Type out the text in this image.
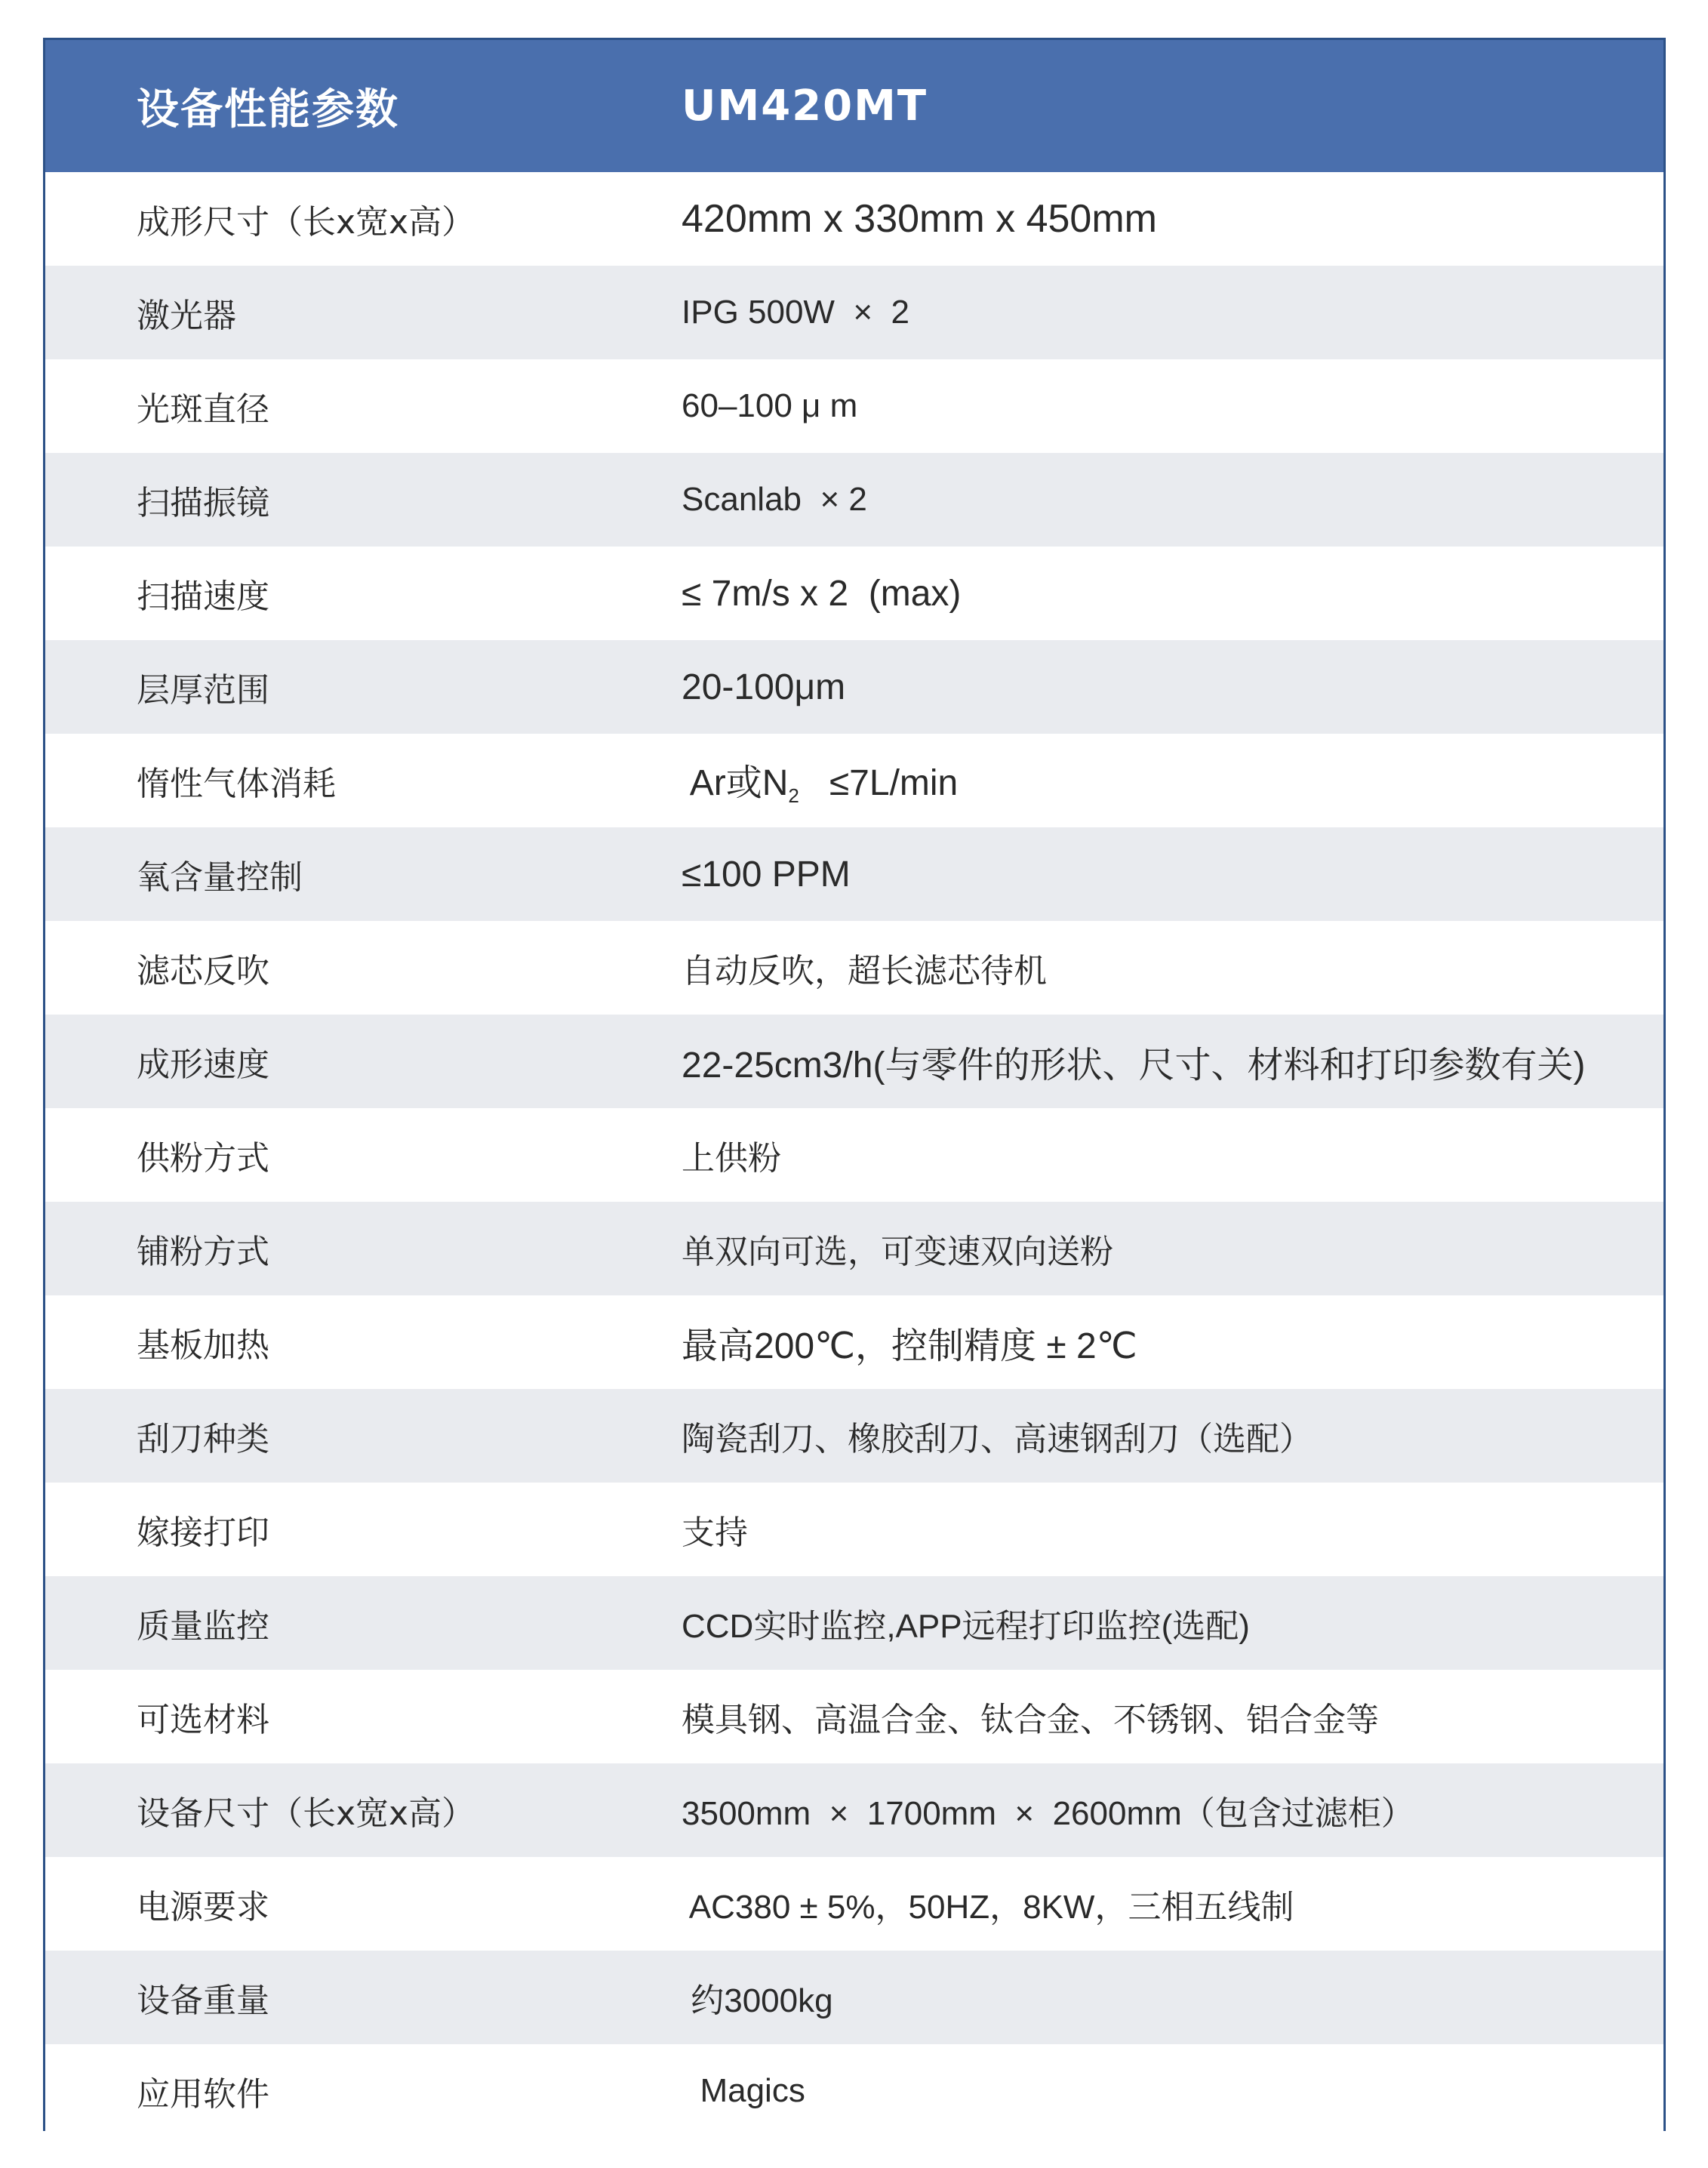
设备性能参数	UM420MT
成形尺寸（长x宽x高）	420mm x 330mm x 450mm
激光器	IPG 500W  ×  2
光斑直径	60–100 μ m
扫描振镜	Scanlab  × 2
扫描速度	≤ 7m/s x 2  (max)
层厚范围	20-100μm
惰性气体消耗	Ar或$N_2 \le 7L/\min$
氧含量控制	≤100 PPM
滤芯反吹	自动反吹，超长滤芯待机
成形速度	22-25cm3/h(与零件的形状、尺寸、材料和打印参数有关)
供粉方式	上供粉
铺粉方式	单双向可选，可变速双向送粉
基板加热	最高200℃，控制精度 ± 2℃
刮刀种类	陶瓷刮刀、橡胶刮刀、高速钢刮刀（选配）
嫁接打印	支持
质量监控	CCD实时监控,APP远程打印监控(选配)
可选材料	模具钢、高温合金、钛合金、不锈钢、铝合金等
设备尺寸（长x宽x高）	3500mm  ×  1700mm  ×  2600mm（包含过滤柜）
电源要求	AC380 ± 5%，50HZ，8KW，三相五线制
设备重量	约3000kg
应用软件	Magics
